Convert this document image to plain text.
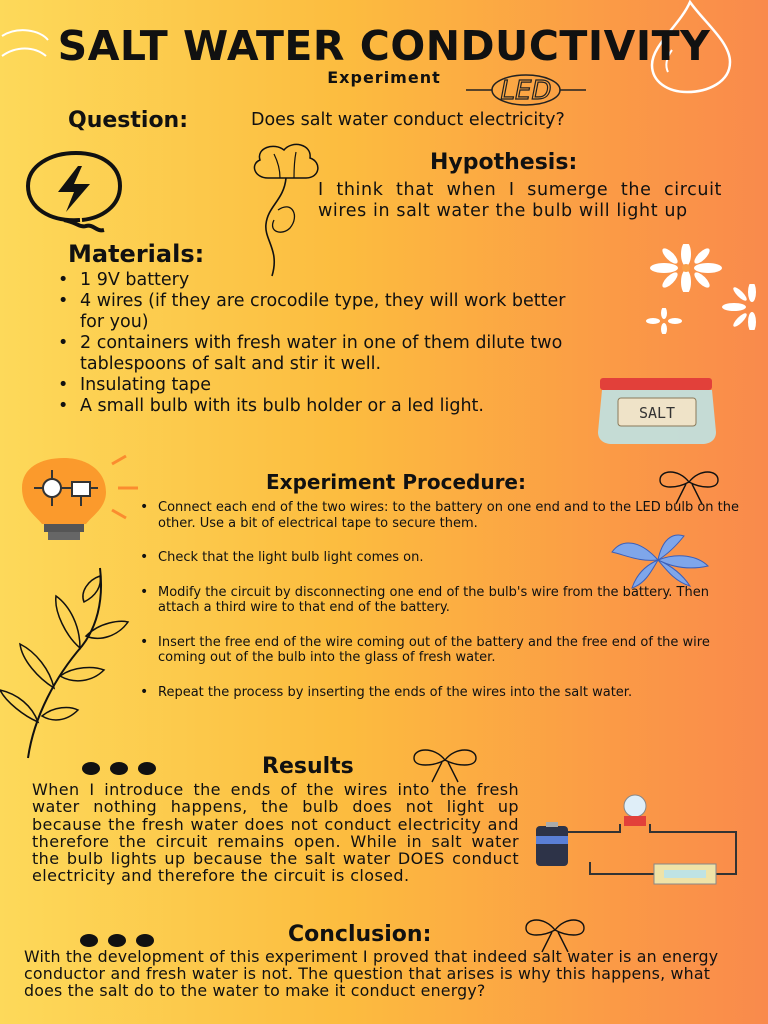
SALT WATER CONDUCTIVITY
Experiment	LED
Question:	Does salt water conduct electricity?
Hypothesis:
I think that when I sumerge the circuit wires in salt water the bulb will light up
Materials:
• 1 9V battery
• 4 wires (if they are crocodile type, they will work better for you)
• 2 containers with fresh water in one of them dilute two tablespoons of salt and stir it well.
• Insulating tape
• A small bulb with its bulb holder or a led light.	SALT
Experiment Procedure:
• Connect each end of the two wires: to the battery on one end and to the LED bulb on the other. Use a bit of electrical tape to secure them.
• Check that the light bulb light comes on.
• Modify the circuit by disconnecting one end of the bulb's wire from the battery. Then attach a third wire to that end of the battery.
• Insert the free end of the wire coming out of the battery and the free end of the wire coming out of the bulb into the glass of fresh water.
• Repeat the process by inserting the ends of the wires into the salt water.
Results
When I introduce the ends of the wires into the fresh water nothing happens, the bulb does not light up because the fresh water does not conduct electricity and therefore the circuit remains open. While in salt water the bulb lights up because the salt water DOES conduct electricity and therefore the circuit is closed.
Conclusion:
With the development of this experiment I proved that indeed salt water is an energy conductor and fresh water is not. The question that arises is why this happens, what does the salt do to the water to make it conduct energy?
